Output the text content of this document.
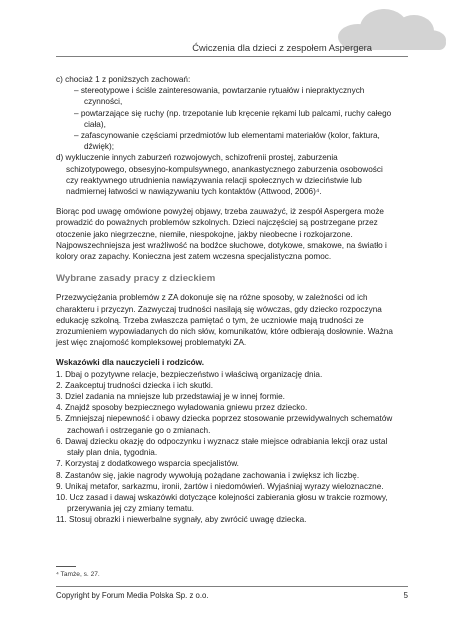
Ćwiczenia dla dzieci z zespołem Aspergera

c) chociaż 1 z poniższych zachowań:

– stereotypowe i ściśle zainteresowania, powtarzanie rytuałów i niepraktycznych czynności,

– powtarzające się ruchy (np. trzepotanie lub kręcenie rękami lub palcami, ruchy całego ciała),

– zafascynowanie częściami przedmiotów lub elementami materiałów (kolor, faktura, dźwięk);

d) wykluczenie innych zaburzeń rozwojowych, schizofrenii prostej, zaburzenia schizotypowego, obsesyjno-kompulsywnego, anankastycznego zaburzenia osobowości czy reaktywnego utrudnienia nawiązywania relacji społecznych w dzieciństwie lub nadmiernej łatwości w nawiązywaniu tych kontaktów (Attwood, 2006)⁴.

Biorąc pod uwagę omówione powyżej objawy, trzeba zauważyć, iż zespół Aspergera może prowadzić do poważnych problemów szkolnych. Dzieci najczęściej są postrzegane przez otoczenie jako niegrzeczne, niemiłe, niespokojne, jakby nieobecne i rozkojarzone. Najpowszechniejsza jest wrażliwość na bodźce słuchowe, dotykowe, smakowe, na światło i kolory oraz zapachy. Konieczna jest zatem wczesna specjalistyczna pomoc.

Wybrane zasady pracy z dzieckiem

Przezwyciężania problemów z ZA dokonuje się na różne sposoby, w zależności od ich charakteru i przyczyn. Zazwyczaj trudności nasilają się wówczas, gdy dziecko rozpoczyna edukację szkolną. Trzeba zwłaszcza pamiętać o tym, że uczniowie mają trudności ze zrozumieniem wypowiadanych do nich słów, komunikatów, które odbierają dosłownie. Ważna jest więc znajomość kompleksowej problematyki ZA.

Wskazówki dla nauczycieli i rodziców.

1. Dbaj o pozytywne relacje, bezpieczeństwo i właściwą organizację dnia.
2. Zaakceptuj trudności dziecka i ich skutki.
3. Dziel zadania na mniejsze lub przedstawiaj je w innej formie.
4. Znajdź sposoby bezpiecznego wyładowania gniewu przez dziecko.
5. Zmniejszaj niepewność i obawy dziecka poprzez stosowanie przewidywalnych schematów zachowań i ostrzeganie go o zmianach.
6. Dawaj dziecku okazję do odpoczynku i wyznacz stałe miejsce odrabiania lekcji oraz ustal stały plan dnia, tygodnia.
7. Korzystaj z dodatkowego wsparcia specjalistów.
8. Zastanów się, jakie nagrody wywołują pożądane zachowania i zwiększ ich liczbę.
9. Unikaj metafor, sarkazmu, ironii, żartów i niedomówień. Wyjaśniaj wyrazy wieloznaczne.
10. Ucz zasad i dawaj wskazówki dotyczące kolejności zabierania głosu w trakcie rozmowy, przerywania jej czy zmiany tematu.
11. Stosuj obrazki i niewerbalne sygnały, aby zwrócić uwagę dziecka.
⁴ Tamże, s. 27.
Copyright by Forum Media Polska Sp. z o.o.	5
